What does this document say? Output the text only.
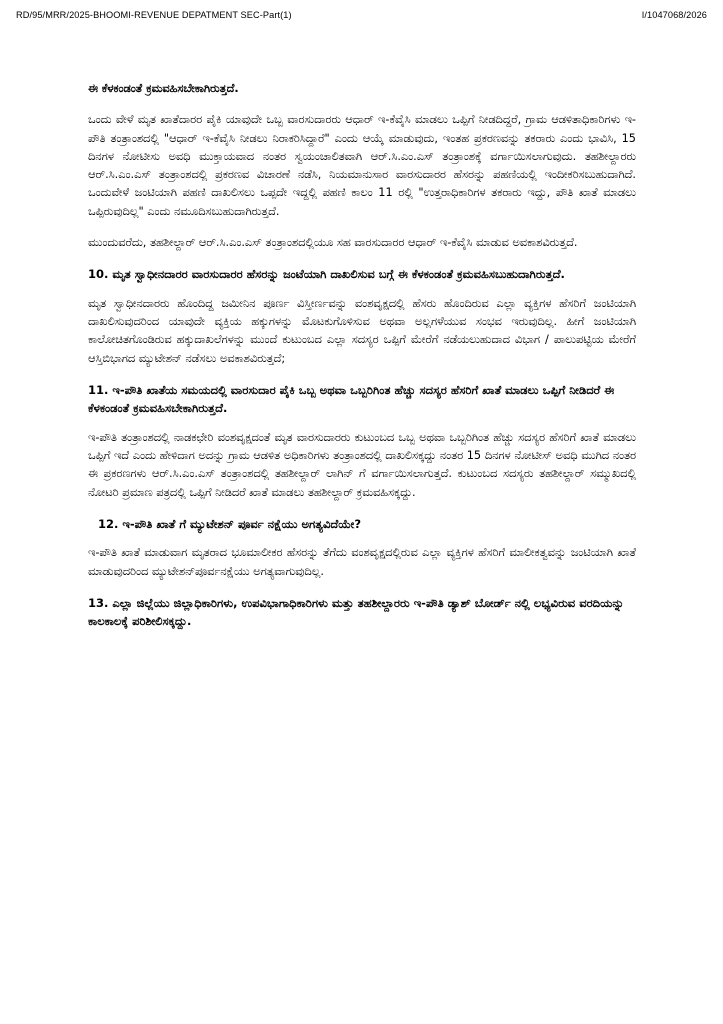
RD/95/MRR/2025-BHOOMI-REVENUE DEPATMENT SEC-Part(1)	I/1047068/2026

ಈ ಕೆಳಕಂಡಂತೆ ಕ್ರಮವಹಿಸಬೇಕಾಗಿರುತ್ತದೆ.

ಒಂದು ವೇಳೆ ಮೃತ ಖಾತೆದಾರರ ಪೈಕಿ ಯಾವುದೇ ಒಬ್ಬ ವಾರಸುದಾರರು ಆಧಾರ್ ಇ-ಕೆವೈಸಿ ಮಾಡಲು ಒಪ್ಪಿಗೆ ನೀಡದಿದ್ದರೆ, ಗ್ರಾಮ ಆಡಳಿತಾಧಿಕಾರಿಗಳು ಇ-ಪೌತಿ ತಂತ್ರಾಂಶದಲ್ಲಿ "ಆಧಾರ್ ಇ-ಕೆವೈಸಿ ನೀಡಲು ನಿರಾಕರಿಸಿದ್ದಾರೆ" ಎಂದು ಆಯ್ಕೆ ಮಾಡುವುದು, ಇಂತಹ ಪ್ರಕರಣವನ್ನು ತಕರಾರು ಎಂದು ಭಾವಿಸಿ, 15 ದಿನಗಳ ನೋಟೀಸು ಅವಧಿ ಮುಕ್ತಾಯವಾದ ನಂತರ ಸ್ವಯಂಚಾಲಿತವಾಗಿ ಆರ್.ಸಿ.ಎಂ.ಎಸ್ ತಂತ್ರಾಂಶಕ್ಕೆ ವರ್ಗಾಯಿಸಲಾಗುವುದು. ತಹಶೀಲ್ದಾರರು ಆರ್.ಸಿ.ಎಂ.ಎಸ್ ತಂತ್ರಾಂಶದಲ್ಲಿ ಪ್ರಕರಣವ ವಿಚಾರಣೆ ನಡೆಸಿ, ನಿಯಮಾನುಸಾರ ವಾರಸುದಾರರ ಹೆಸರನ್ನು ಪಹಣಿಯಲ್ಲಿ ಇಂದೀಕರಿಸಬುಹುದಾಗಿದೆ. ಒಂದುವೇಳೆ ಜಂಟಿಯಾಗಿ ಪಹಣಿ ದಾಖಲಿಸಲು ಒಪ್ಪದೇ ಇದ್ದಲ್ಲಿ ಪಹಣಿ ಕಾಲಂ 11 ರಲ್ಲಿ "ಉತ್ತರಾಧಿಕಾರಿಗಳ ತಕರಾರು ಇದ್ದು, ಪೌತಿ ಖಾತೆ ಮಾಡಲು ಒಪ್ಪಿರುವುದಿಲ್ಲ" ಎಂದು ನಮೂದಿಸಬುಹುದಾಗಿರುತ್ತದೆ.

ಮುಂದುವರೆದು, ತಹಶೀಲ್ದಾರ್ ಆರ್.ಸಿ.ಎಂ.ಎಸ್ ತಂತ್ರಾಂಶದಲ್ಲಿಯೂ ಸಹ ವಾರಸುದಾರರ ಆಧಾರ್ ಇ-ಕೆವೈಸಿ ಮಾಡುವ ಅವಕಾಶವಿರುತ್ತದೆ.

10. ಮೃತ ಸ್ವಾಧೀನದಾರರ ವಾರಸುದಾರರ ಹೆಸರನ್ನು ಜಂಟೆಯಾಗಿ ದಾಖಲಿಸುವ ಬಗ್ಗೆ ಈ ಕೆಳಕಂಡಂತೆ ಕ್ರಮವಹಿಸಬುಹುದಾಗಿರುತ್ತದೆ.

ಮೃತ ಸ್ವಾಧೀನದಾರರು ಹೊಂದಿದ್ದ ಜಮೀನಿನ ಪೂರ್ಣ ವಿಸ್ತೀರ್ಣವನ್ನು ವಂಶವೃಕ್ಷದಲ್ಲಿ ಹೆಸರು ಹೊಂದಿರುವ ಎಲ್ಲಾ ವ್ಯಕ್ತಿಗಳ ಹೆಸರಿಗೆ ಜಂಟಿಯಾಗಿ ದಾಖಲಿಸುವುದರಿಂದ ಯಾವುದೇ ವ್ಯಕ್ತಿಯ ಹಕ್ಕುಗಳನ್ನು ಮೊಟಕುಗೊಳಿಸುವ ಅಥವಾ ಅಲ್ಲಗಳೆಯುವ ಸಂಭವ ಇರುವುದಿಲ್ಲ. ಹೀಗೆ ಜಂಟಿಯಾಗಿ ಕಾಲೋಚಿತಗೊಂಡಿರುವ ಹಕ್ಕುದಾಖಲೆಗಳನ್ನು ಮುಂದೆ ಕುಟುಂಬದ ಎಲ್ಲಾ ಸದಸ್ಯರ ಒಪ್ಪಿಗೆ ಮೇರೆಗೆ ನಡೆಯಲುಹುದಾದ ವಿಭಾಗ / ಪಾಲುಪಟ್ಟಿಯ ಮೇರೆಗೆ ಆಸ್ತಿಬಿಭಾಗದ ಮ್ಯುಟೇಶನ್ ನಡೆಸಲು ಅವಕಾಶವಿರುತ್ತದೆ;

11. ಇ-ಪೌತಿ ಖಾತೆಯ ಸಮಯದಲ್ಲಿ ವಾರಸುದಾರ ಪೈಕಿ ಒಬ್ಬ ಅಥವಾ ಒಬ್ಬರಿಗಿಂತ ಹೆಚ್ಚು ಸದಸ್ಯರ ಹೆಸರಿಗೆ ಖಾತೆ ಮಾಡಲು ಒಪ್ಪಿಗೆ ನೀಡಿದರೆ ಈ ಕೆಳಕಂಡಂತೆ ಕ್ರಮವಹಿಸಬೇಕಾಗಿರುತ್ತದೆ.

ಇ-ಪೌತಿ ತಂತ್ರಾಂಶದಲ್ಲಿ ನಾಡಕಛೇರಿ ವಂಶವೃಕ್ಷದಂತೆ ಮೃತ ವಾರಸುದಾರರು ಕುಟುಂಬದ ಒಬ್ಬ ಅಥವಾ ಒಬ್ಬರಿಗಿಂತ ಹೆಚ್ಚು ಸದಸ್ಯರ ಹೆಸರಿಗೆ ಖಾತೆ ಮಾಡಲು ಒಪ್ಪಿಗೆ ಇದೆ ಎಂದು ಹೇಳಿದಾಗ ಅದನ್ನು ಗ್ರಾಮ ಆಡಳಿತ ಅಧಿಕಾರಿಗಳು ತಂತ್ರಾಂಶದಲ್ಲಿ ದಾಖಲಿಸಕ್ಕದ್ದು ನಂತರ 15 ದಿನಗಳ ನೋಟೀಸ್ ಅವಧಿ ಮುಗಿದ ನಂತರ ಈ ಪ್ರಕರಣಗಳು ಆರ್.ಸಿ.ಎಂ.ಎಸ್ ತಂತ್ರಾಂಶದಲ್ಲಿ ತಹಶೀಲ್ದಾರ್ ಲಾಗಿನ್ ಗೆ ವರ್ಗಾಯಿಸಲಾಗುತ್ತದೆ. ಕುಟುಂಬದ ಸದಸ್ಯರು ತಹಶೀಲ್ದಾರ್ ಸಮ್ಮುಖದಲ್ಲಿ ನೋಟರಿ ಪ್ರಮಾಣ ಪತ್ರದಲ್ಲಿ ಒಪ್ಪಿಗೆ ನೀಡಿದರೆ ಖಾತೆ ಮಾಡಲು ತಹಶೀಲ್ದಾರ್ ಕ್ರಮವಹಿಸಕ್ಕದ್ದು.

12. ಇ-ಪೌತಿ ಖಾತೆ ಗೆ ಮ್ಯುಟೇಶನ್ ಪೂರ್ವ ನಕ್ಷೆಯು ಅಗತ್ಯವಿದೆಯೇ?

ಇ-ಪೌತಿ ಖಾತೆ ಮಾಡುವಾಗ ಮೃತರಾದ ಭೂಮಾಲೀಕರ ಹೆಸರನ್ನು ತೆಗೆದು ವಂಶವೃಕ್ಷದಲ್ಲಿರುವ ಎಲ್ಲಾ ವ್ಯಕ್ತಿಗಳ ಹೆಸರಿಗೆ ಮಾಲೀಕತ್ವವನ್ನು ಜಂಟಿಯಾಗಿ ಖಾತೆ ಮಾಡುವುದರಿಂದ ಮ್ಯುಟೇಶನ್‌ಪೂರ್ವನಕ್ಷೆಯು ಅಗತ್ಯವಾಗುವುದಿಲ್ಲ.

13. ಎಲ್ಲಾ ಜಿಲ್ಲೆಯು ಜಿಲ್ಲಾಧಿಕಾರಿಗಳು, ಉಪವಿಭಾಗಾಧಿಕಾರಿಗಳು ಮತ್ತು ತಹಶೀಲ್ದಾರರು ಇ-ಪೌತಿ ಡ್ಯಾಶ್ ಬೋರ್ಡ್ ನಲ್ಲಿ ಲಭ್ಯವಿರುವ ವರದಿಯನ್ನು ಕಾಲಕಾಲಕ್ಕೆ ಪರಿಶೀಲಿಸಕ್ಕದ್ದು.
